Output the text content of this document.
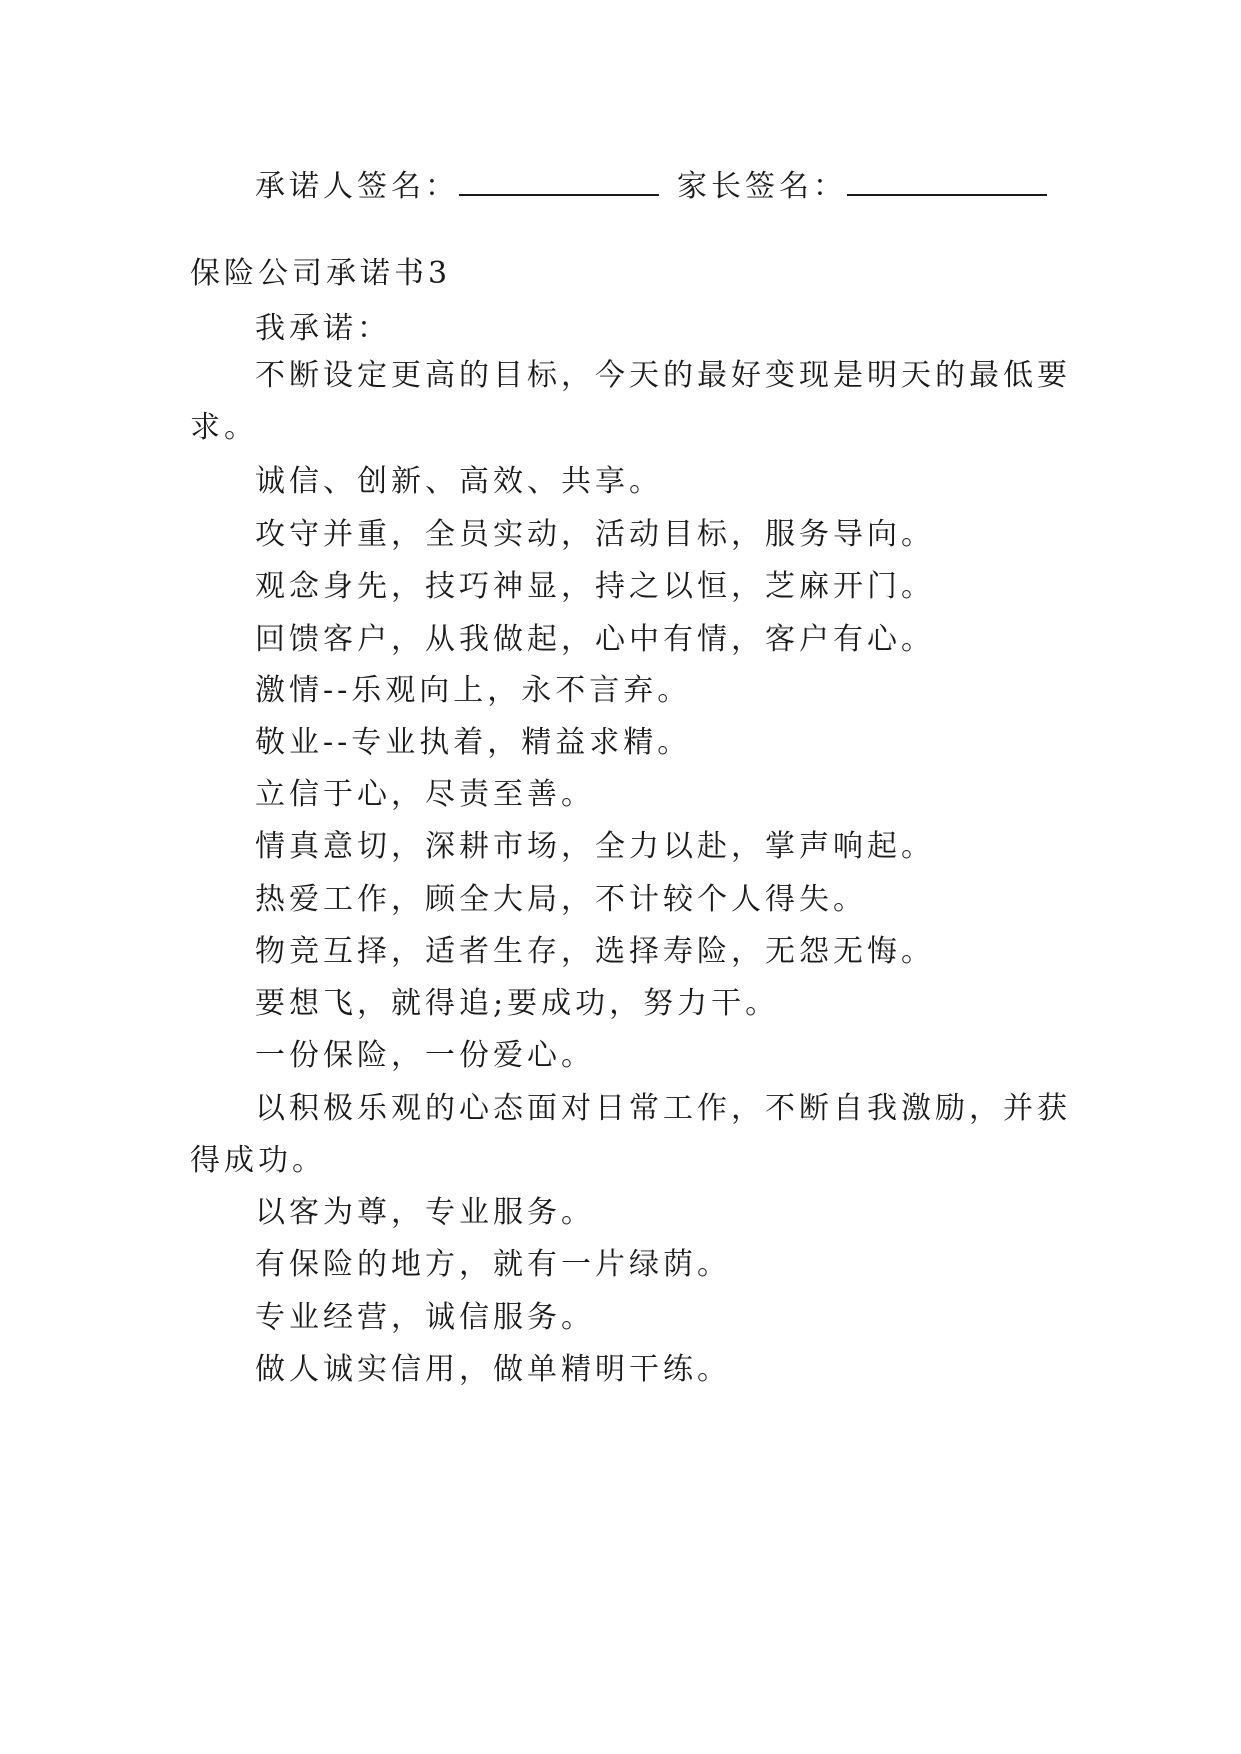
承诺人签名：	家长签名：
保险公司承诺书3
我承诺：
不断设定更高的目标，今天的最好变现是明天的最低要
求。
诚信、创新、高效、共享。
攻守并重，全员实动，活动目标，服务导向。
观念身先，技巧神显，持之以恒，芝麻开门。
回馈客户，从我做起，心中有情，客户有心。
激情--乐观向上，永不言弃。
敬业--专业执着，精益求精。
立信于心，尽责至善。
情真意切，深耕市场，全力以赴，掌声响起。
热爱工作，顾全大局，不计较个人得失。
物竞互择，适者生存，选择寿险，无怨无悔。
要想飞，就得追;要成功，努力干。
一份保险，一份爱心。
以积极乐观的心态面对日常工作，不断自我激励，并获
得成功。
以客为尊，专业服务。
有保险的地方，就有一片绿荫。
专业经营，诚信服务。
做人诚实信用，做单精明干练。
